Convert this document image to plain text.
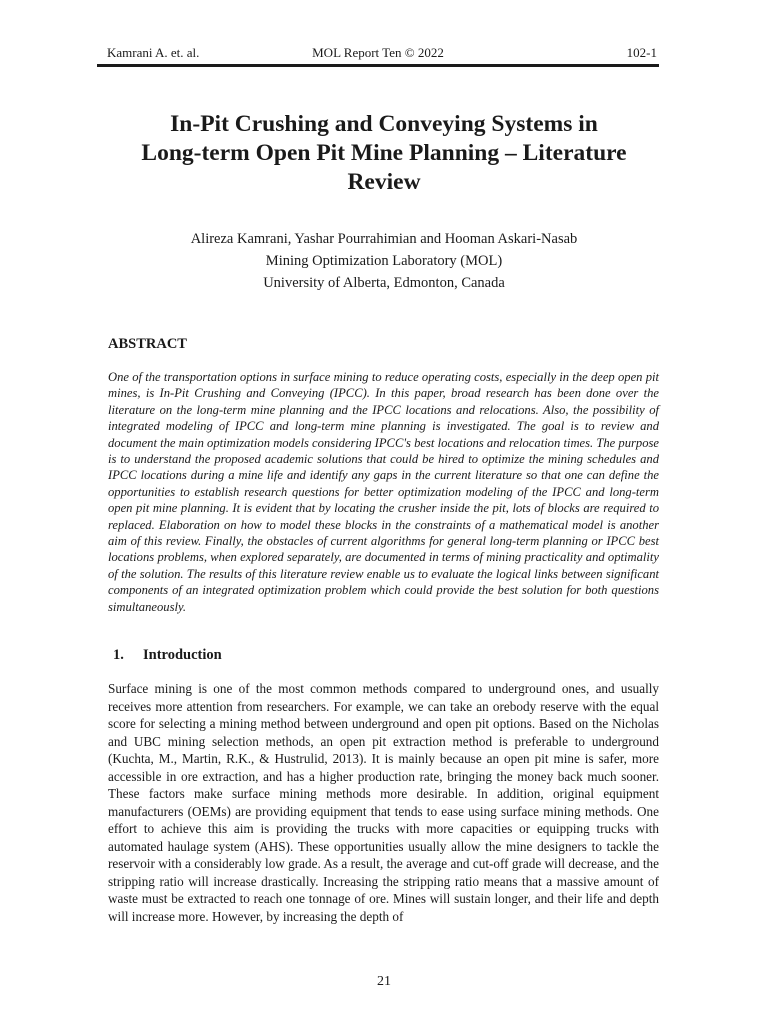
Kamrani A. et. al.	MOL Report Ten © 2022	102-1
In-Pit Crushing and Conveying Systems in
Long-term Open Pit Mine Planning – Literature
Review
Alireza Kamrani, Yashar Pourrahimian and Hooman Askari-Nasab
Mining Optimization Laboratory (MOL)
University of Alberta, Edmonton, Canada
ABSTRACT
One of the transportation options in surface mining to reduce operating costs, especially in the deep open pit mines, is In-Pit Crushing and Conveying (IPCC). In this paper, broad research has been done over the literature on the long-term mine planning and the IPCC locations and relocations. Also, the possibility of integrated modeling of IPCC and long-term mine planning is investigated. The goal is to review and document the main optimization models considering IPCC's best locations and relocation times. The purpose is to understand the proposed academic solutions that could be hired to optimize the mining schedules and IPCC locations during a mine life and identify any gaps in the current literature so that one can define the opportunities to establish research questions for better optimization modeling of the IPCC and long-term open pit mine planning. It is evident that by locating the crusher inside the pit, lots of blocks are required to replaced. Elaboration on how to model these blocks in the constraints of a mathematical model is another aim of this review. Finally, the obstacles of current algorithms for general long-term planning or IPCC best locations problems, when explored separately, are documented in terms of mining practicality and optimality of the solution. The results of this literature review enable us to evaluate the logical links between significant components of an integrated optimization problem which could provide the best solution for both questions simultaneously.
1. Introduction
Surface mining is one of the most common methods compared to underground ones, and usually receives more attention from researchers. For example, we can take an orebody reserve with the equal score for selecting a mining method between underground and open pit options. Based on the Nicholas and UBC mining selection methods, an open pit extraction method is preferable to underground (Kuchta, M., Martin, R.K., & Hustrulid, 2013). It is mainly because an open pit mine is safer, more accessible in ore extraction, and has a higher production rate, bringing the money back much sooner. These factors make surface mining methods more desirable. In addition, original equipment manufacturers (OEMs) are providing equipment that tends to ease using surface mining methods. One effort to achieve this aim is providing the trucks with more capacities or equipping trucks with automated haulage system (AHS). These opportunities usually allow the mine designers to tackle the reservoir with a considerably low grade. As a result, the average and cut-off grade will decrease, and the stripping ratio will increase drastically. Increasing the stripping ratio means that a massive amount of waste must be extracted to reach one tonnage of ore. Mines will sustain longer, and their life and depth will increase more. However, by increasing the depth of
21
